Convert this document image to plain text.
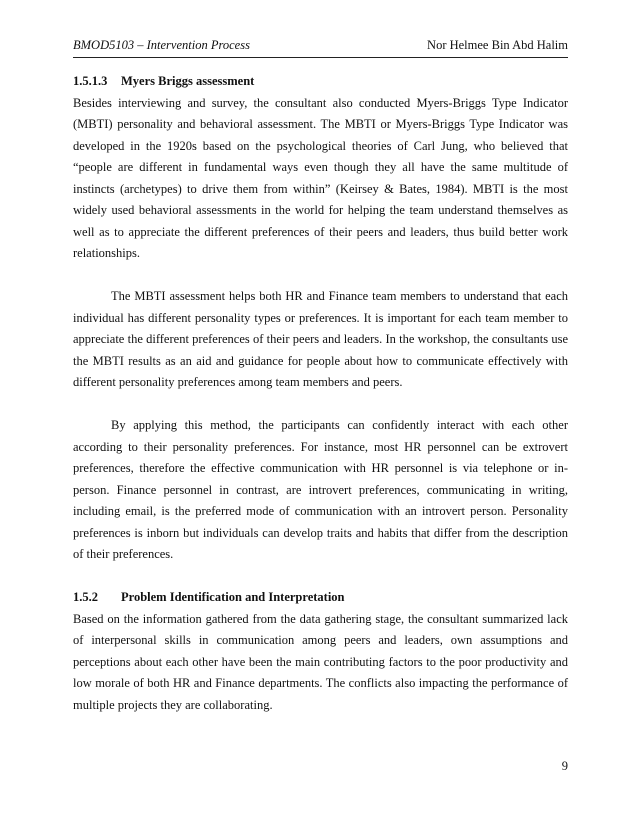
BMOD5103 – Intervention Process	Nor Helmee Bin Abd Halim

1.5.1.3 Myers Briggs assessment

Besides interviewing and survey, the consultant also conducted Myers-Briggs Type Indicator (MBTI) personality and behavioral assessment. The MBTI or Myers-Briggs Type Indicator was developed in the 1920s based on the psychological theories of Carl Jung, who believed that “people are different in fundamental ways even though they all have the same multitude of instincts (archetypes) to drive them from within” (Keirsey & Bates, 1984). MBTI is the most widely used behavioral assessments in the world for helping the team understand themselves as well as to appreciate the different preferences of their peers and leaders, thus build better work relationships.

The MBTI assessment helps both HR and Finance team members to understand that each individual has different personality types or preferences. It is important for each team member to appreciate the different preferences of their peers and leaders. In the workshop, the consultants use the MBTI results as an aid and guidance for people about how to communicate effectively with different personality preferences among team members and peers.

By applying this method, the participants can confidently interact with each other according to their personality preferences. For instance, most HR personnel can be extrovert preferences, therefore the effective communication with HR personnel is via telephone or in-person. Finance personnel in contrast, are introvert preferences, communicating in writing, including email, is the preferred mode of communication with an introvert person. Personality preferences is inborn but individuals can develop traits and habits that differ from the description of their preferences.

1.5.2 Problem Identification and Interpretation

Based on the information gathered from the data gathering stage, the consultant summarized lack of interpersonal skills in communication among peers and leaders, own assumptions and perceptions about each other have been the main contributing factors to the poor productivity and low morale of both HR and Finance departments. The conflicts also impacting the performance of multiple projects they are collaborating.

9
